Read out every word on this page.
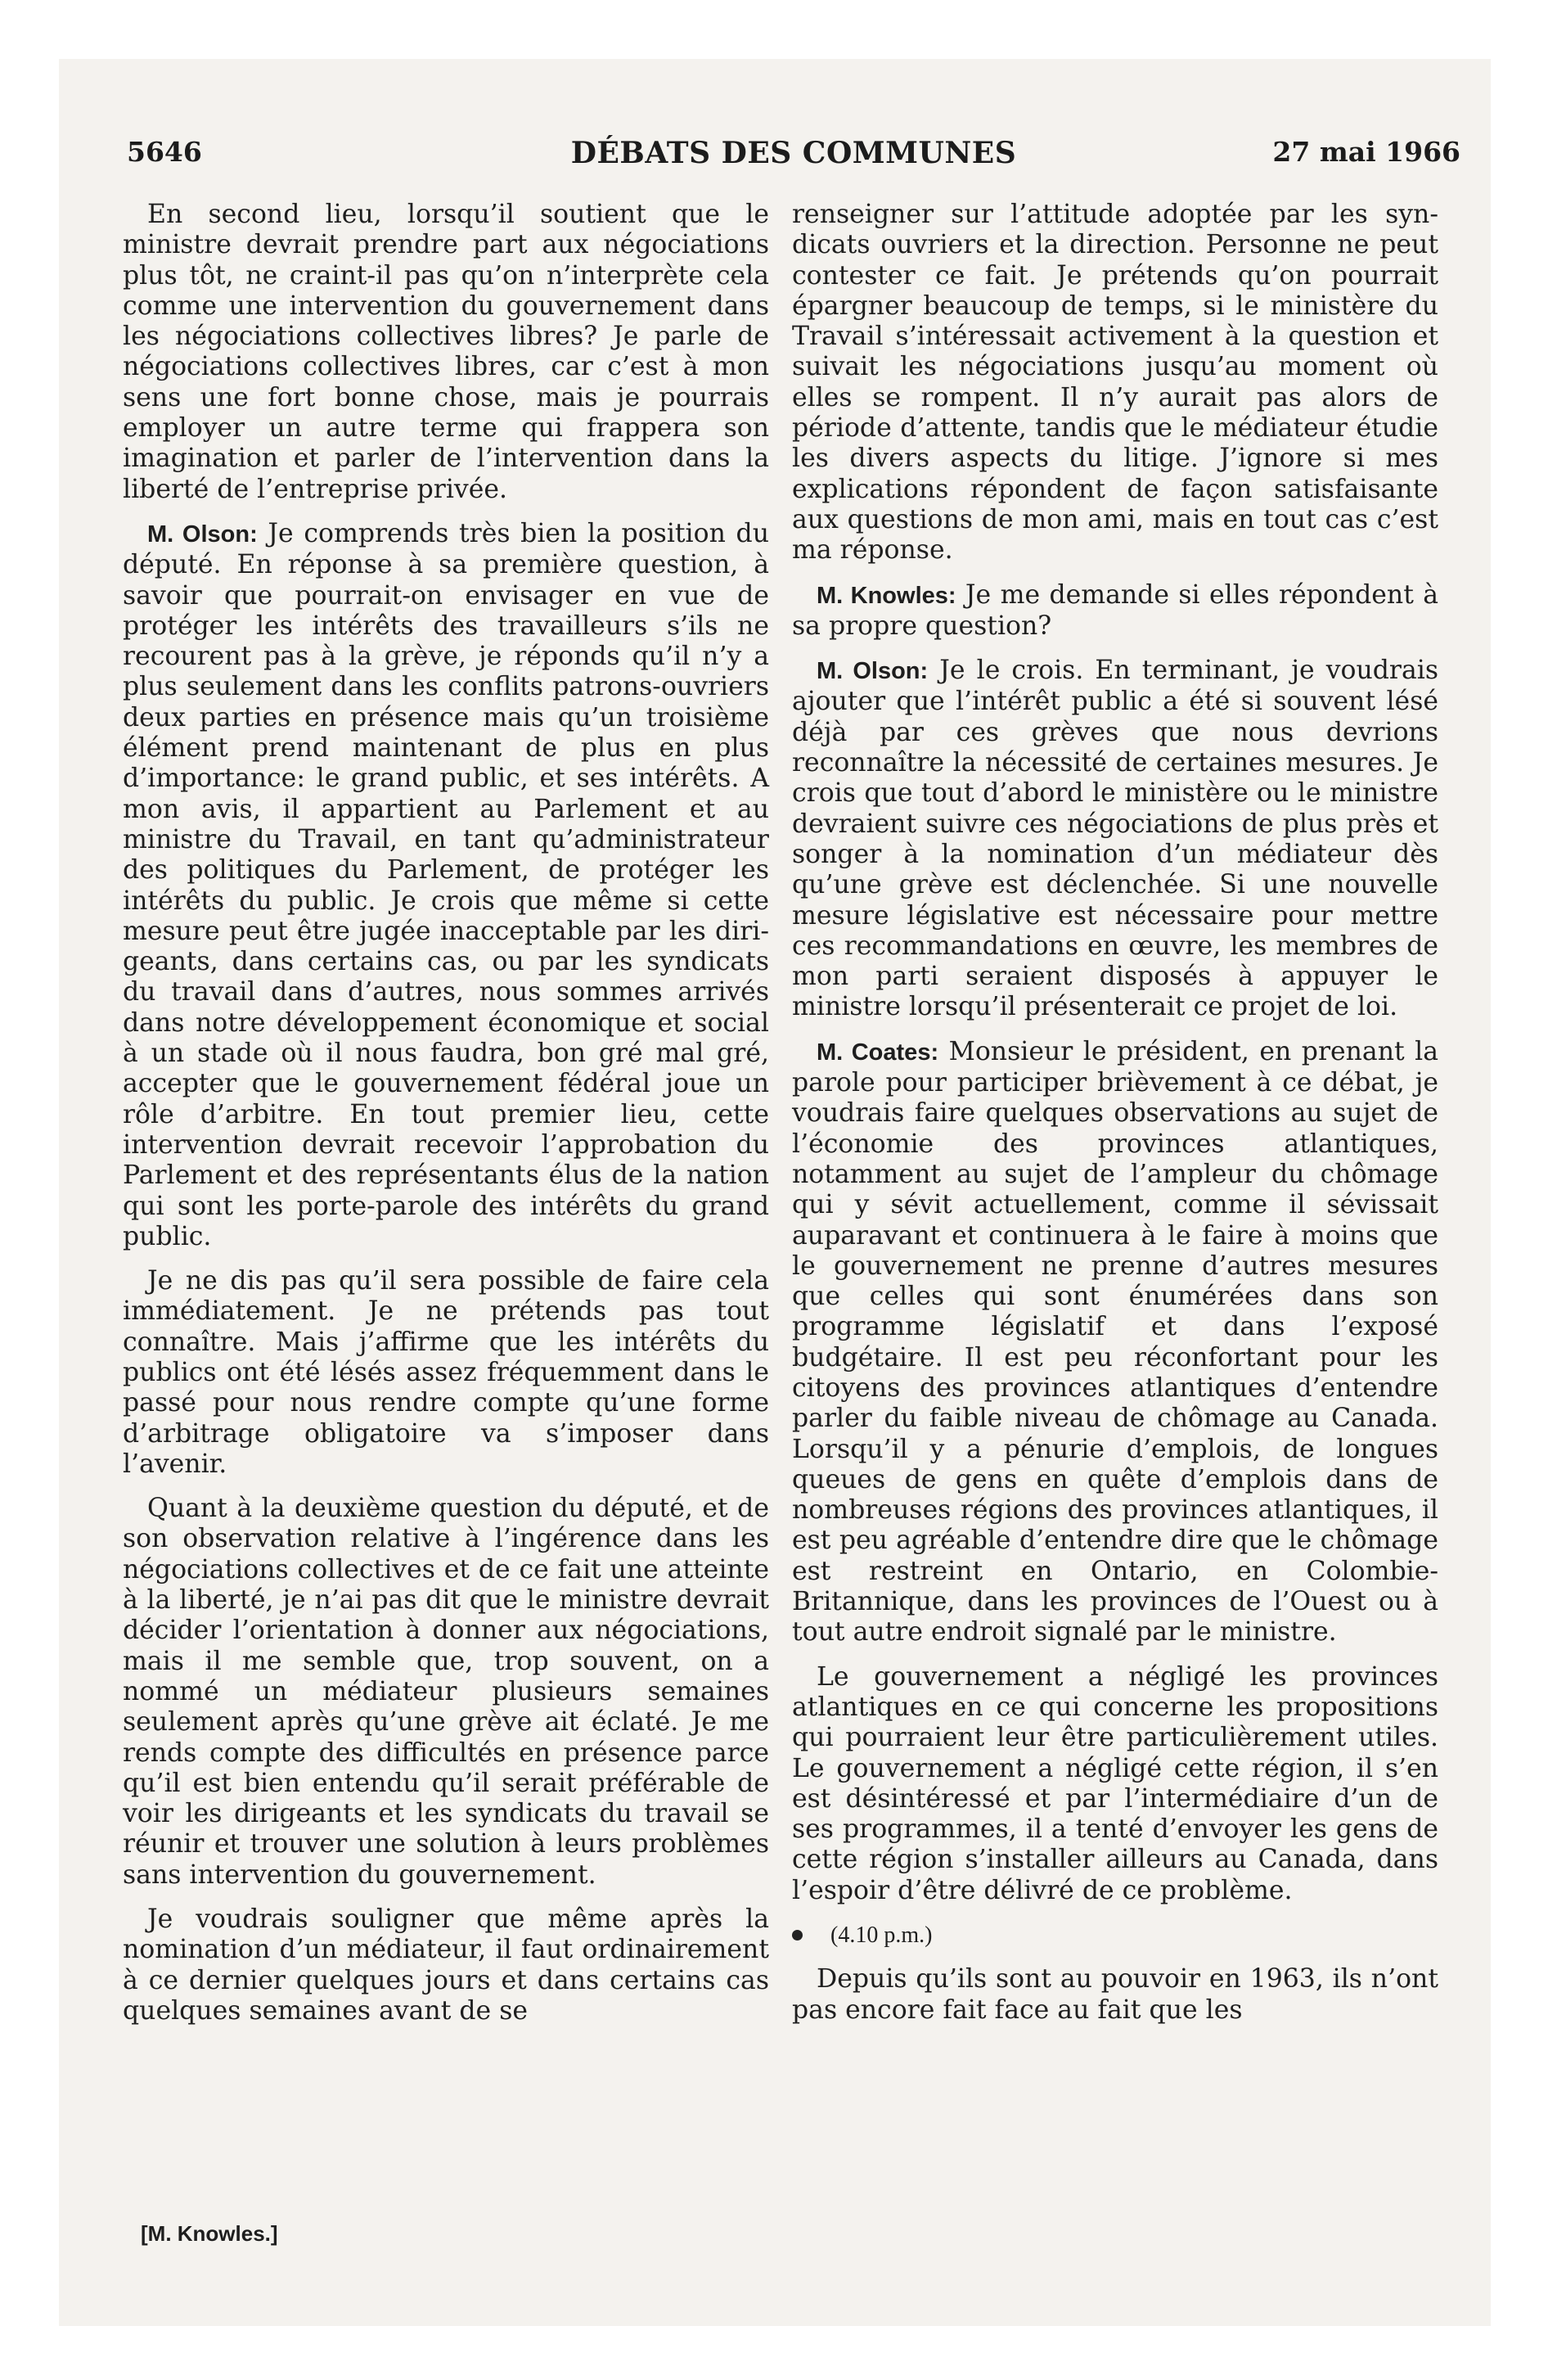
5646	DÉBATS DES COMMUNES	27 mai 1966

En second lieu, lorsqu’il soutient que le ministre devrait prendre part aux négociations plus tôt, ne craint-il pas qu’on n’interprète cela comme une intervention du gouvernement dans les négociations collectives libres? Je parle de négociations collectives libres, car c’est à mon sens une fort bonne chose, mais je pourrais employer un autre terme qui frappera son imagination et parler de l’intervention dans la liberté de l’entreprise privée.

M. Olson: Je comprends très bien la position du député. En réponse à sa première question, à savoir que pourrait-on envisager en vue de protéger les intérêts des travailleurs s’ils ne recourent pas à la grève, je réponds qu’il n’y a plus seulement dans les conflits patrons-ouvriers deux parties en présence mais qu’un troisième élément prend maintenant de plus en plus d’importance: le grand public, et ses intérêts. A mon avis, il appartient au Parlement et au ministre du Travail, en tant qu’administrateur des politiques du Parlement, de protéger les intérêts du public. Je crois que même si cette mesure peut être jugée inacceptable par les dirigeants, dans certains cas, ou par les syndicats du travail dans d’autres, nous sommes arrivés dans notre développement économique et social à un stade où il nous faudra, bon gré mal gré, accepter que le gouvernement fédéral joue un rôle d’arbitre. En tout premier lieu, cette intervention devrait recevoir l’approbation du Parlement et des représentants élus de la nation qui sont les porte-parole des intérêts du grand public.

Je ne dis pas qu’il sera possible de faire cela immédiatement. Je ne prétends pas tout connaître. Mais j’affirme que les intérêts du publics ont été lésés assez fréquemment dans le passé pour nous rendre compte qu’une forme d’arbitrage obligatoire va s’imposer dans l’avenir.

Quant à la deuxième question du député, et de son observation relative à l’ingérence dans les négociations collectives et de ce fait une atteinte à la liberté, je n’ai pas dit que le ministre devrait décider l’orientation à donner aux négociations, mais il me semble que, trop souvent, on a nommé un médiateur plusieurs semaines seulement après qu’une grève ait éclaté. Je me rends compte des difficultés en présence parce qu’il est bien entendu qu’il serait préférable de voir les dirigeants et les syndicats du travail se réunir et trouver une solution à leurs problèmes sans intervention du gouvernement.

Je voudrais souligner que même après la nomination d’un médiateur, il faut ordinairement à ce dernier quelques jours et dans certains cas quelques semaines avant de se

renseigner sur l’attitude adoptée par les syndicats ouvriers et la direction. Personne ne peut contester ce fait. Je prétends qu’on pourrait épargner beaucoup de temps, si le ministère du Travail s’intéressait activement à la question et suivait les négociations jusqu’au moment où elles se rompent. Il n’y aurait pas alors de période d’attente, tandis que le médiateur étudie les divers aspects du litige. J’ignore si mes explications répondent de façon satisfaisante aux questions de mon ami, mais en tout cas c’est ma réponse.

M. Knowles: Je me demande si elles répondent à sa propre question?

M. Olson: Je le crois. En terminant, je voudrais ajouter que l’intérêt public a été si souvent lésé déjà par ces grèves que nous devrions reconnaître la nécessité de certaines mesures. Je crois que tout d’abord le ministère ou le ministre devraient suivre ces négociations de plus près et songer à la nomination d’un médiateur dès qu’une grève est déclenchée. Si une nouvelle mesure législative est nécessaire pour mettre ces recommandations en œuvre, les membres de mon parti seraient disposés à appuyer le ministre lorsqu’il présenterait ce projet de loi.

M. Coates: Monsieur le président, en prenant la parole pour participer brièvement à ce débat, je voudrais faire quelques observations au sujet de l’économie des provinces atlantiques, notamment au sujet de l’ampleur du chômage qui y sévit actuellement, comme il sévissait auparavant et continuera à le faire à moins que le gouvernement ne prenne d’autres mesures que celles qui sont énumérées dans son programme législatif et dans l’exposé budgétaire. Il est peu réconfortant pour les citoyens des provinces atlantiques d’entendre parler du faible niveau de chômage au Canada. Lorsqu’il y a pénurie d’emplois, de longues queues de gens en quête d’emplois dans de nombreuses régions des provinces atlantiques, il est peu agréable d’entendre dire que le chômage est restreint en Ontario, en Colombie-Britannique, dans les provinces de l’Ouest ou à tout autre endroit signalé par le ministre.

Le gouvernement a négligé les provinces atlantiques en ce qui concerne les propositions qui pourraient leur être particulièrement utiles. Le gouvernement a négligé cette région, il s’en est désintéressé et par l’intermédiaire d’un de ses programmes, il a tenté d’envoyer les gens de cette région s’installer ailleurs au Canada, dans l’espoir d’être délivré de ce problème.

(4.10 p.m.)

Depuis qu’ils sont au pouvoir en 1963, ils n’ont pas encore fait face au fait que les

[M. Knowles.]
